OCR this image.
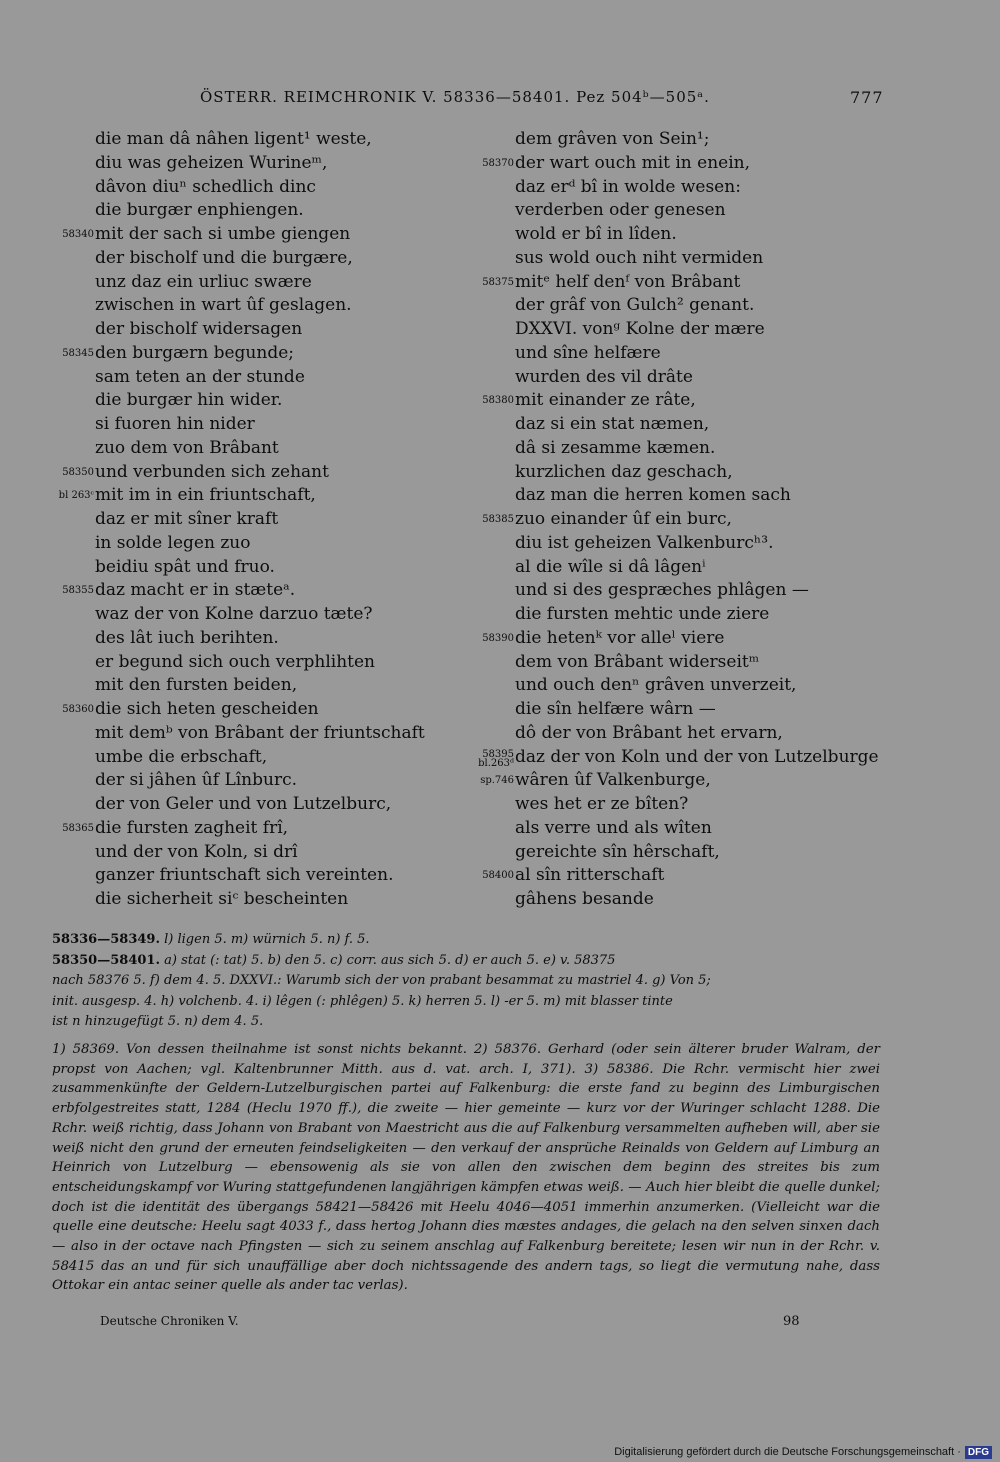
ÖSTERR. REIMCHRONIK V. 58336—58401. Pez 504ᵇ—505ᵃ.	777
die man dâ nâhen ligent¹ weste,
diu was geheizen Wurineᵐ,
dâvon diuⁿ schedlich dinc
die burgær enphiengen.
58340 mit der sach si umbe giengen
der bischolf und die burgære,
unz daz ein urliuc swære
zwischen in wart ûf geslagen.
der bischolf widersagen
58345 den burgærn begunde;
sam teten an der stunde
die burgær hin wider.
si fuoren hin nider
zuo dem von Brâbant
58350 und verbunden sich zehant
bl 263ᶜ mit im in ein friuntschaft,
daz er mit sîner kraft
in solde legen zuo
beidiu spât und fruo.
58355 daz macht er in stæteᵃ.
waz der von Kolne darzuo tæte?
des lât iuch berihten.
er begund sich ouch verphlihten
mit den fursten beiden,
58360 die sich heten gescheiden
mit demᵇ von Brâbant der friuntschaft
umbe die erbschaft,
der si jâhen ûf Lînburc.
der von Geler und von Lutzelburc,
58365 die fursten zagheit frî,
und der von Koln, si drî
ganzer friuntschaft sich vereinten.
die sicherheit siᶜ bescheinten
dem grâven von Sein¹;
58370 der wart ouch mit in enein,
daz erᵈ bî in wolde wesen:
verderben oder genesen
wold er bî in lîden.
sus wold ouch niht vermiden
58375 mitᵉ helf denᶠ von Brâbant
der grâf von Gulch² genant.
DXXVI. vonᵍ Kolne der mære
und sîne helfære
wurden des vil drâte
58380 mit einander ze râte,
daz si ein stat næmen,
dâ si zesamme kæmen.
kurzlichen daz geschach,
daz man die herren komen sach
58385 zuo einander ûf ein burc,
diu ist geheizen Valkenburcʰ³.
al die wîle si dâ lâgenⁱ
und si des gespræches phlâgen —
die fursten mehtic unde ziere
58390 die hetenᵏ vor alleˡ viere
dem von Brâbant widerseitᵐ
und ouch denⁿ grâven unverzeit,
die sîn helfære wârn —
dô der von Brâbant het ervarn,
58395
bl.263ᵈ daz der von Koln und der von Lutzelburge
sp.746 wâren ûf Valkenburge,
wes het er ze bîten?
als verre und als wîten
gereichte sîn hêrschaft,
58400 al sîn ritterschaft
gâhens besande
58336—58349. l) ligen 5. m) würnich 5. n) f. 5.
58350—58401. a) stat (: tat) 5. b) den 5. c) corr. aus sich 5. d) er auch 5. e) v. 58375
nach 58376 5. f) dem 4. 5. DXXVI.: Warumb sich der von prabant besammat zu mastriel 4. g) Von 5;
init. ausgesp. 4. h) volchenb. 4. i) lêgen (: phlêgen) 5. k) herren 5. l) -er 5. m) mit blasser tinte
ist n hinzugefügt 5. n) dem 4. 5.
1) 58369. Von dessen theilnahme ist sonst nichts bekannt. 2) 58376. Gerhard (oder sein älterer bruder Walram, der propst von Aachen; vgl. Kaltenbrunner Mitth. aus d. vat. arch. I, 371). 3) 58386. Die Rchr. vermischt hier zwei zusammenkünfte der Geldern-Lutzelburgischen partei auf Falkenburg: die erste fand zu beginn des Limburgischen erbfolgestreites statt, 1284 (Heclu 1970 ff.), die zweite — hier gemeinte — kurz vor der Wuringer schlacht 1288. Die Rchr. weiß richtig, dass Johann von Brabant von Maestricht aus die auf Falkenburg versammelten aufheben will, aber sie weiß nicht den grund der erneuten feindseligkeiten — den verkauf der ansprüche Reinalds von Geldern auf Limburg an Heinrich von Lutzelburg — ebensowenig als sie von allen den zwischen dem beginn des streites bis zum entscheidungskampf vor Wuring stattgefundenen langjährigen kämpfen etwas weiß. — Auch hier bleibt die quelle dunkel; doch ist die identität des übergangs 58421—58426 mit Heelu 4046—4051 immerhin anzumerken. (Vielleicht war die quelle eine deutsche: Heelu sagt 4033 f., dass hertog Johann dies mæstes andages, die gelach na den selven sinxen dach — also in der octave nach Pfingsten — sich zu seinem anschlag auf Falkenburg bereitete; lesen wir nun in der Rchr. v. 58415 das an und für sich unauffällige aber doch nichtssagende des andern tags, so liegt die vermutung nahe, dass Ottokar ein antac seiner quelle als ander tac verlas).
Deutsche Chroniken V.	98
Digitalisierung gefördert durch die Deutsche Forschungsgemeinschaft · DFG
